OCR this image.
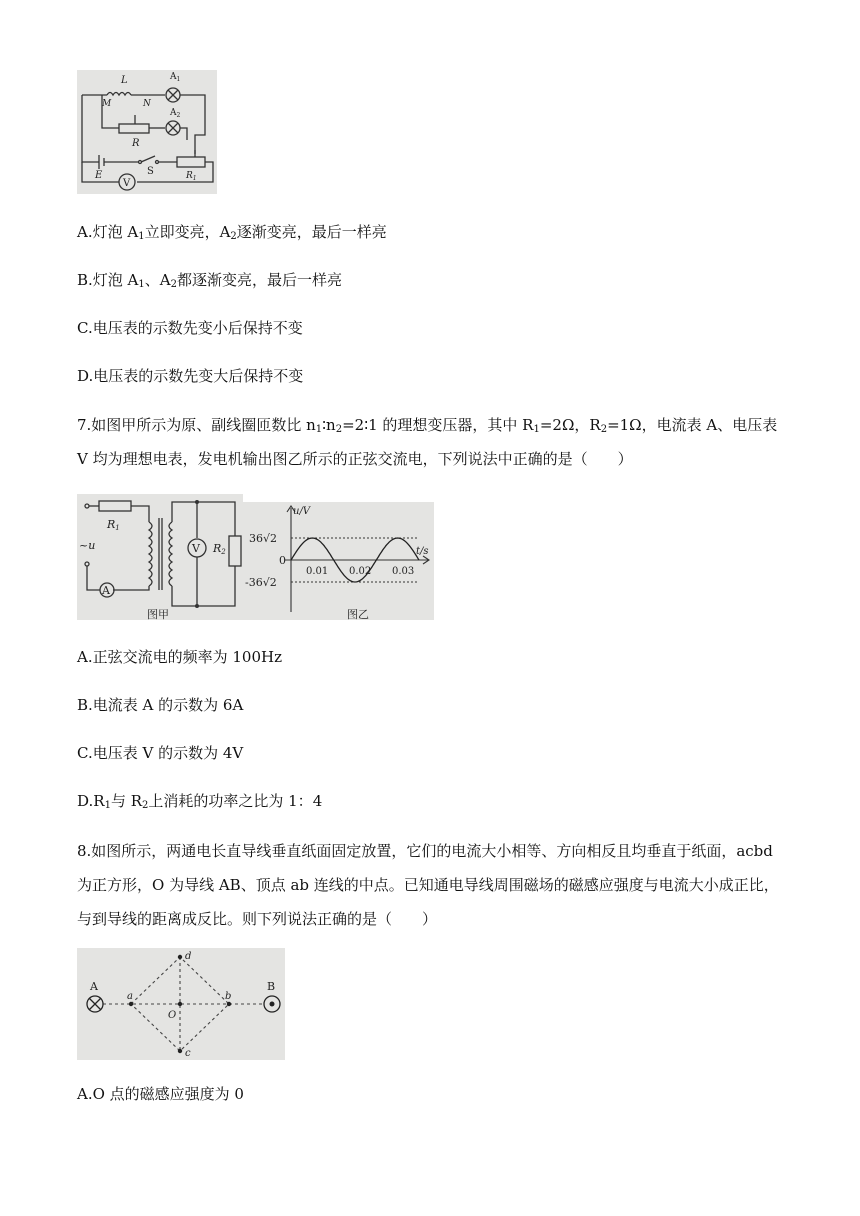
L	$A_1$
M	N
$A_2$
R
S
E
V
$R_1$
A.灯泡 $A_1$立即变亮，$A_2$逐渐变亮，最后一样亮
B.灯泡 $A_1$、$A_2$都逐渐变亮，最后一样亮
C.电压表的示数先变小后保持不变
D.电压表的示数先变大后保持不变
7.如图甲所示为原、副线圈匝数比 $n_1∶n_2=2∶1$ 的理想变压器，其中 $R_1=2\Omega$，$R_2=1\Omega$，电流表 A、电压表 V 均为理想电表，发电机输出图乙所示的正弦交流电，下列说法中正确的是（　　）
R1
~u	V R2
A
图甲
u/V
t/s
36√2
0
-36√2
0.01 0.02 0.03
图乙
A.正弦交流电的频率为 100Hz
B.电流表 A 的示数为 6A
C.电压表 V 的示数为 4V
$D.R_1$与 $R_2$上消耗的功率之比为 1：4
8.如图所示，两通电长直导线垂直纸面固定放置，它们的电流大小相等、方向相反且均垂直于纸面，acbd 为正方形，O 为导线 AB、顶点 ab 连线的中点。已知通电导线周围磁场的磁感应强度与电流大小成正比，与到导线的距离成反比。则下列说法正确的是（　　）
A	B
a	b
d
c
O
A.O 点的磁感应强度为 0
